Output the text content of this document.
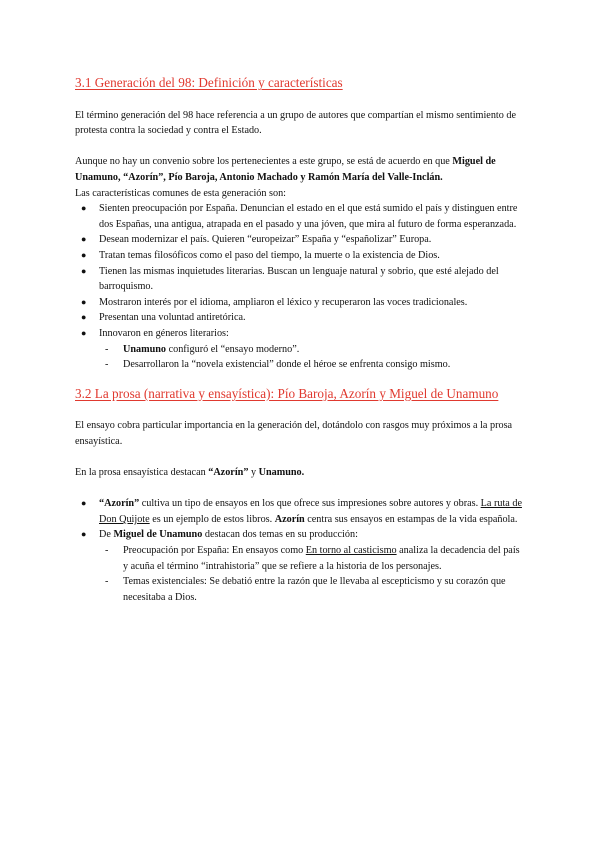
3.1 Generación del 98: Definición y características

El término generación del 98 hace referencia a un grupo de autores que compartían el mismo sentimiento de protesta contra la sociedad y contra el Estado.

Aunque no hay un convenio sobre los pertenecientes a este grupo, se está de acuerdo en que Miguel de Unamuno, “Azorín”, Pío Baroja, Antonio Machado y Ramón María del Valle-Inclán.

Las características comunes de esta generación son:

● Sienten preocupación por España. Denuncian el estado en el que está sumido el país y distinguen entre dos Españas, una antigua, atrapada en el pasado y una jóven, que mira al futuro de forma esperanzada.
● Desean modernizar el país. Quieren “europeizar” España y “españolizar” Europa.
● Tratan temas filosóficos como el paso del tiempo, la muerte o la existencia de Dios.
● Tienen las mismas inquietudes literarias. Buscan un lenguaje natural y sobrio, que esté alejado del barroquismo.
● Mostraron interés por el idioma, ampliaron el léxico y recuperaron las voces tradicionales.
● Presentan una voluntad antiretórica.
● Innovaron en géneros literarios:
- Unamuno configuró el “ensayo moderno”.
- Desarrollaron la “novela existencial” donde el héroe se enfrenta consigo mismo.
3.2 La prosa (narrativa y ensayística): Pío Baroja, Azorín y Miguel de Unamuno

El ensayo cobra particular importancia en la generación del, dotándolo con rasgos muy próximos a la prosa ensayística.

En la prosa ensayística destacan “Azorín” y Unamuno.

● “Azorín” cultiva un tipo de ensayos en los que ofrece sus impresiones sobre autores y obras. La ruta de Don Quijote es un ejemplo de estos libros. Azorín centra sus ensayos en estampas de la vida española.
● De Miguel de Unamuno destacan dos temas en su producción:
- Preocupación por España: En ensayos como En torno al casticismo analiza la decadencia del país y acuña el término “intrahistoria” que se refiere a la historia de los personajes.
- Temas existenciales: Se debatió entre la razón que le llevaba al escepticismo y su corazón que necesitaba a Dios.
